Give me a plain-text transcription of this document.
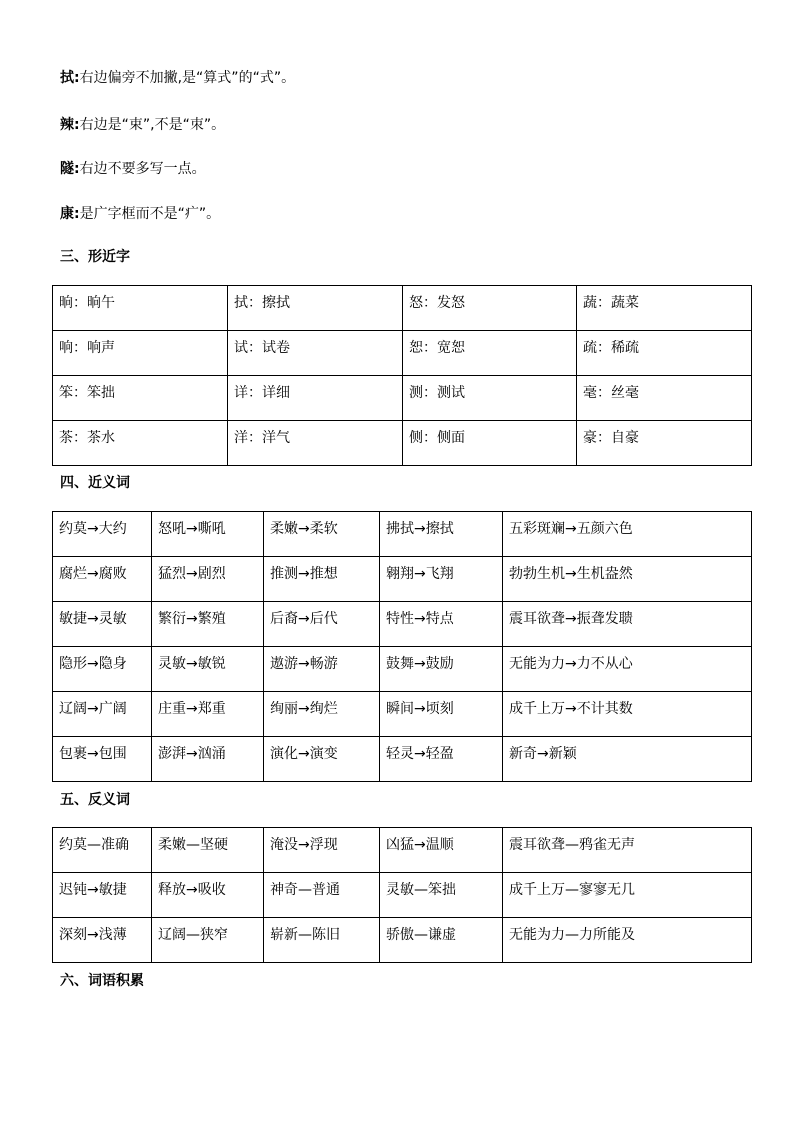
拭:右边偏旁不加撇,是“算式”的“式”。
辣:右边是“束”,不是“朿”。
隧:右边不要多写一点。
康:是广字框而不是“疒”。
三、形近字
晌：晌午	拭：擦拭	怒：发怒	蔬：蔬菜
响：响声	试：试卷	恕：宽恕	疏：稀疏
笨：笨拙	详：详细	测：测试	毫：丝毫
茶：茶水	洋：洋气	侧：侧面	豪：自豪
四、近义词
约莫→大约	怒吼→嘶吼	柔嫩→柔软	拂拭→擦拭	五彩斑斓→五颜六色
腐烂→腐败	猛烈→剧烈	推测→推想	翱翔→飞翔	勃勃生机→生机盎然
敏捷→灵敏	繁衍→繁殖	后裔→后代	特性→特点	震耳欲聋→振聋发聩
隐形→隐身	灵敏→敏锐	遨游→畅游	鼓舞→鼓励	无能为力→力不从心
辽阔→广阔	庄重→郑重	绚丽→绚烂	瞬间→顷刻	成千上万→不计其数
包裹→包围	澎湃→汹涌	演化→演变	轻灵→轻盈	新奇→新颖
五、反义词
约莫—准确	柔嫩—坚硬	淹没→浮现	凶猛→温顺	震耳欲聋—鸦雀无声
迟钝→敏捷	释放→吸收	神奇—普通	灵敏—笨拙	成千上万—寥寥无几
深刻→浅薄	辽阔—狭窄	崭新—陈旧	骄傲—谦虚	无能为力—力所能及
六、词语积累
